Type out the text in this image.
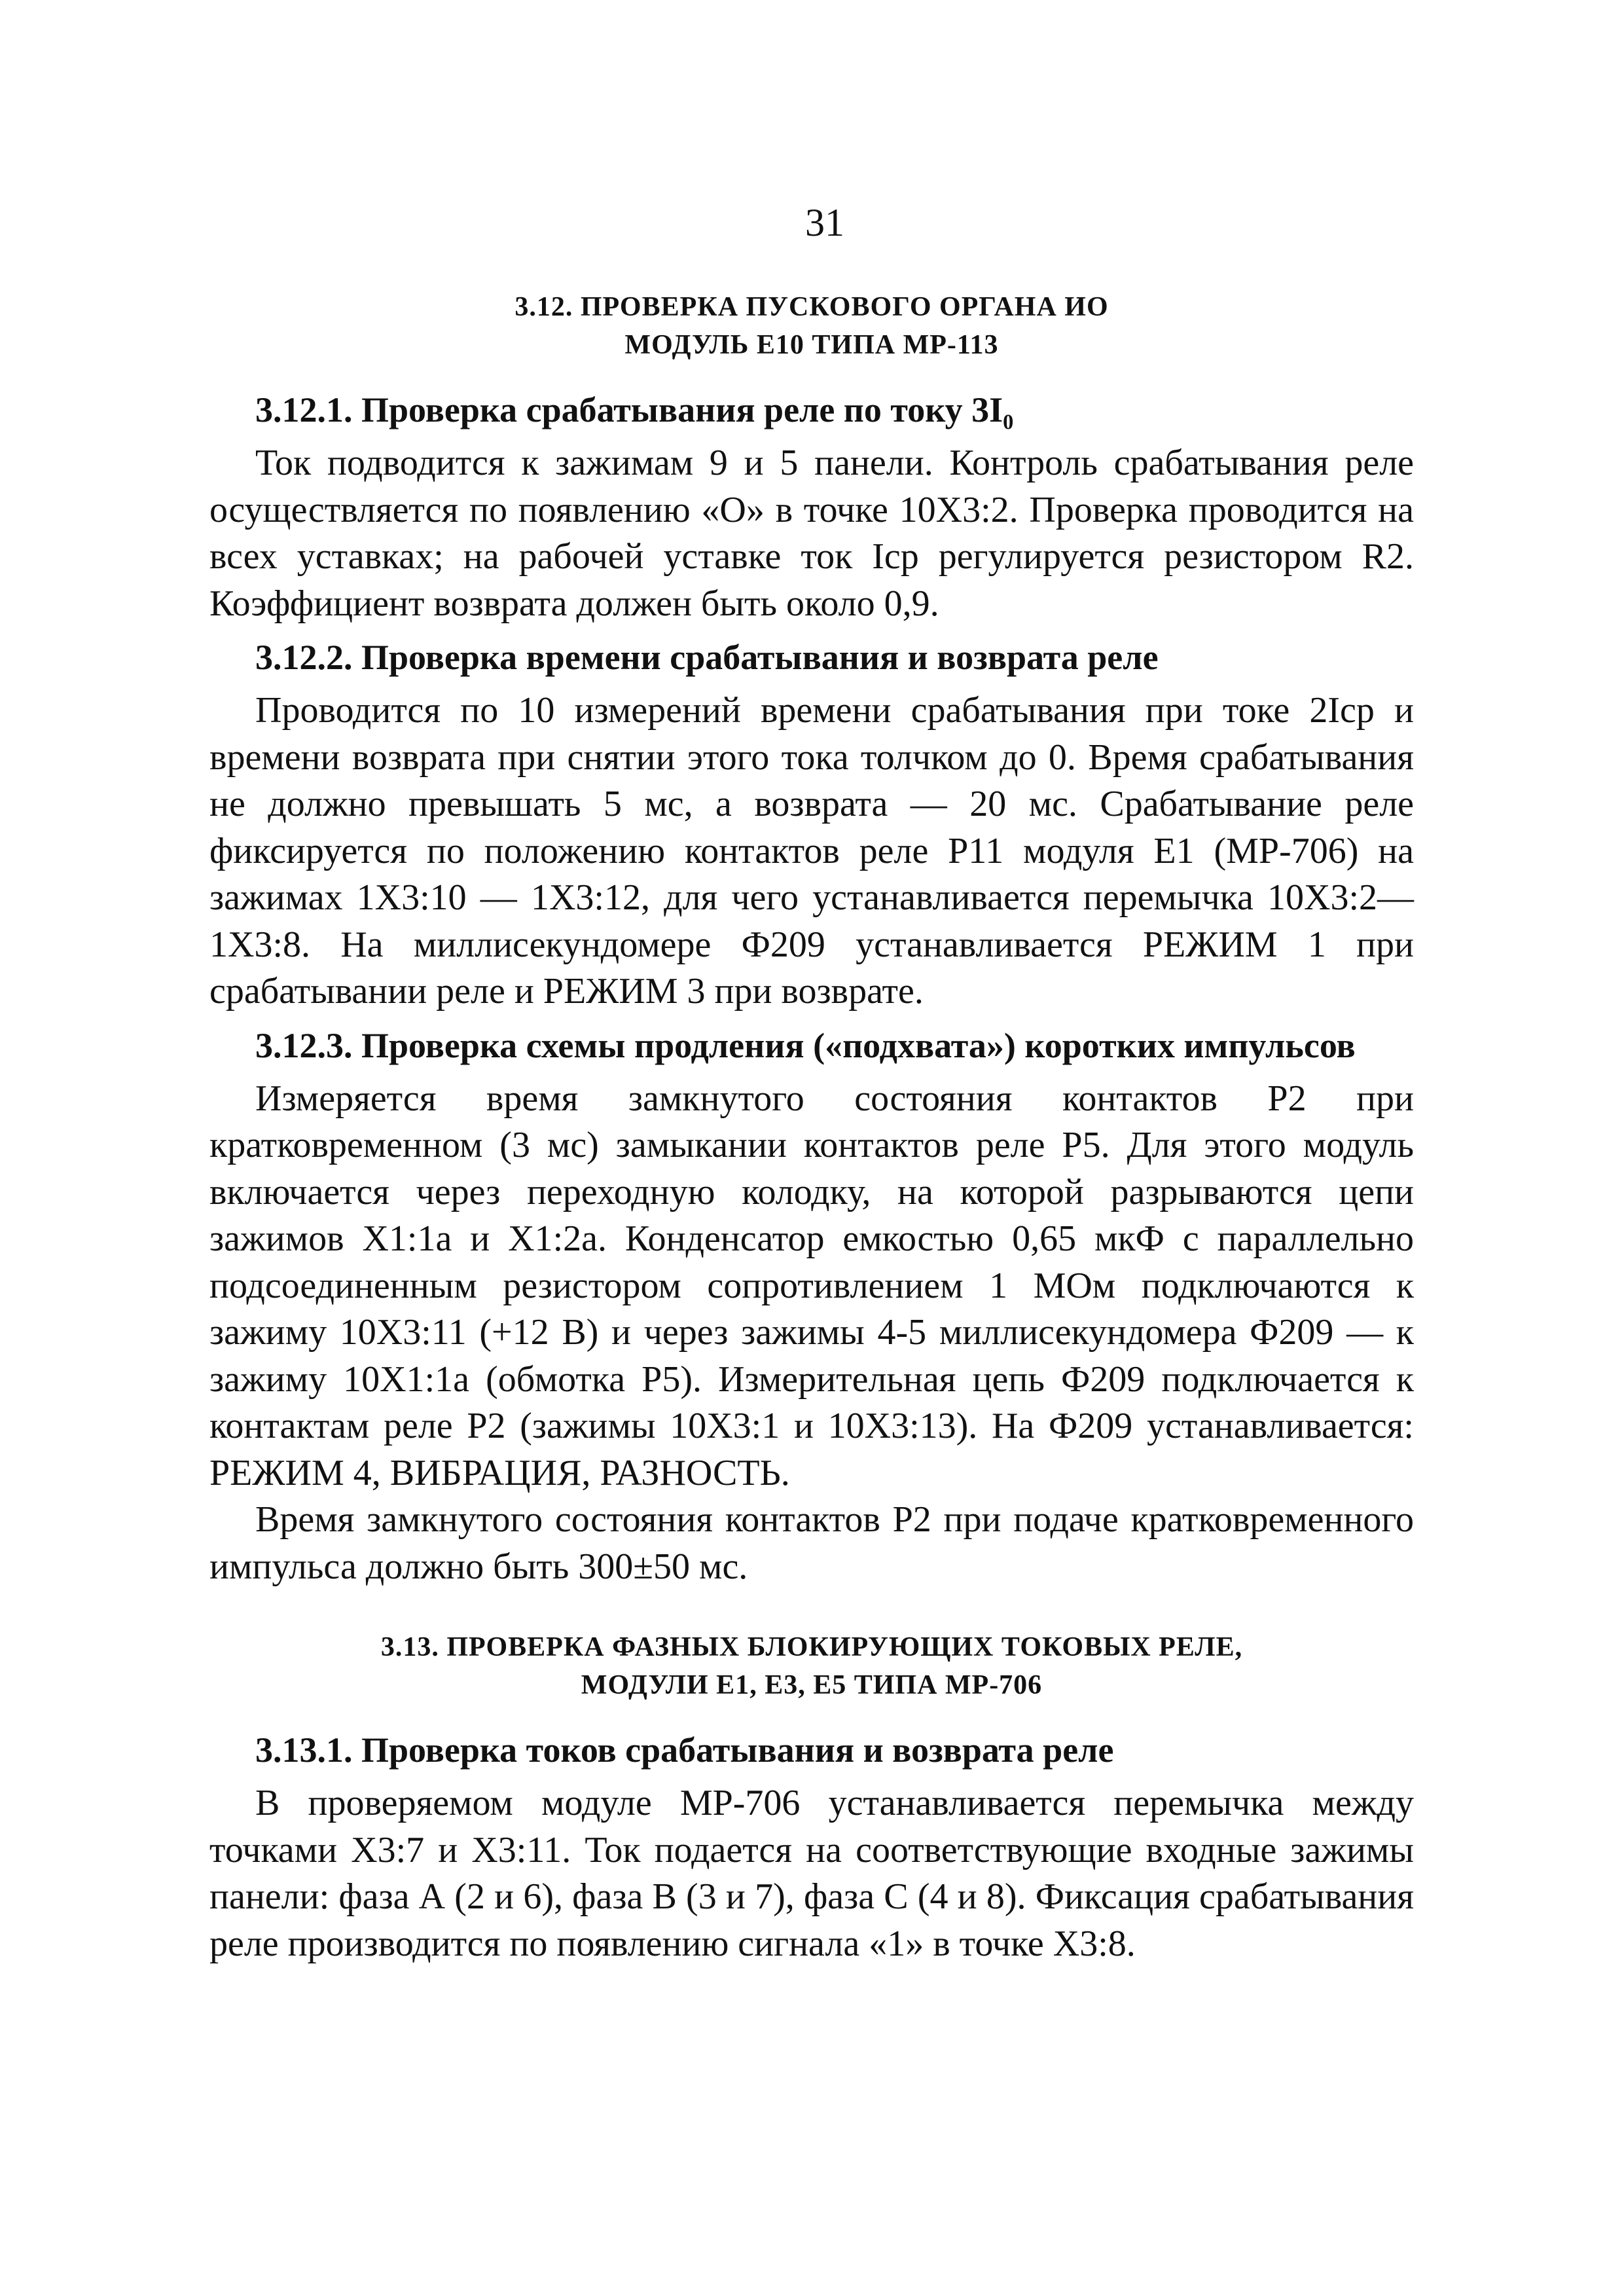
31
3.12. ПРОВЕРКА ПУСКОВОГО ОРГАНА ИО
МОДУЛЬ Е10 ТИПА МР-113

3.12.1. Проверка срабатывания реле по току 3I₀

Ток подводится к зажимам 9 и 5 панели. Контроль срабатывания реле осуществляется по появлению «О» в точке 10Х3:2. Проверка проводится на всех уставках; на рабочей уставке ток Iср регулируется резистором R2. Коэффициент возврата должен быть около 0,9.

3.12.2. Проверка времени срабатывания и возврата реле

Проводится по 10 измерений времени срабатывания при токе 2Iср и времени возврата при снятии этого тока толчком до 0. Время срабатывания не должно превышать 5 мс, а возврата — 20 мс. Срабатывание реле фиксируется по положению контактов реле Р11 модуля Е1 (МР-706) на зажимах 1Х3:10 — 1Х3:12, для чего устанавливается перемычка 10Х3:2—1Х3:8. На миллисекундомере Ф209 устанавливается РЕЖИМ 1 при срабатывании реле и РЕЖИМ 3 при возврате.

3.12.3. Проверка схемы продления («подхвата») коротких импульсов

Измеряется время замкнутого состояния контактов Р2 при кратковременном (3 мс) замыкании контактов реле Р5. Для этого модуль включается через переходную колодку, на которой разрываются цепи зажимов Х1:1а и Х1:2а. Конденсатор емкостью 0,65 мкФ с параллельно подсоединенным резистором сопротивлением 1 МОм подключаются к зажиму 10Х3:11 (+12 В) и через зажимы 4-5 миллисекундомера Ф209 — к зажиму 10Х1:1а (обмотка Р5). Измерительная цепь Ф209 подключается к контактам реле Р2 (зажимы 10Х3:1 и 10Х3:13). На Ф209 устанавливается: РЕЖИМ 4, ВИБРАЦИЯ, РАЗНОСТЬ.

Время замкнутого состояния контактов Р2 при подаче кратковременного импульса должно быть 300±50 мс.

3.13. ПРОВЕРКА ФАЗНЫХ БЛОКИРУЮЩИХ ТОКОВЫХ РЕЛЕ,
МОДУЛИ Е1, Е3, Е5 ТИПА МР-706

3.13.1. Проверка токов срабатывания и возврата реле

В проверяемом модуле МР-706 устанавливается перемычка между точками Х3:7 и Х3:11. Ток подается на соответствующие входные зажимы панели: фаза А (2 и 6), фаза В (3 и 7), фаза С (4 и 8). Фиксация срабатывания реле производится по появлению сигнала «1» в точке Х3:8.
